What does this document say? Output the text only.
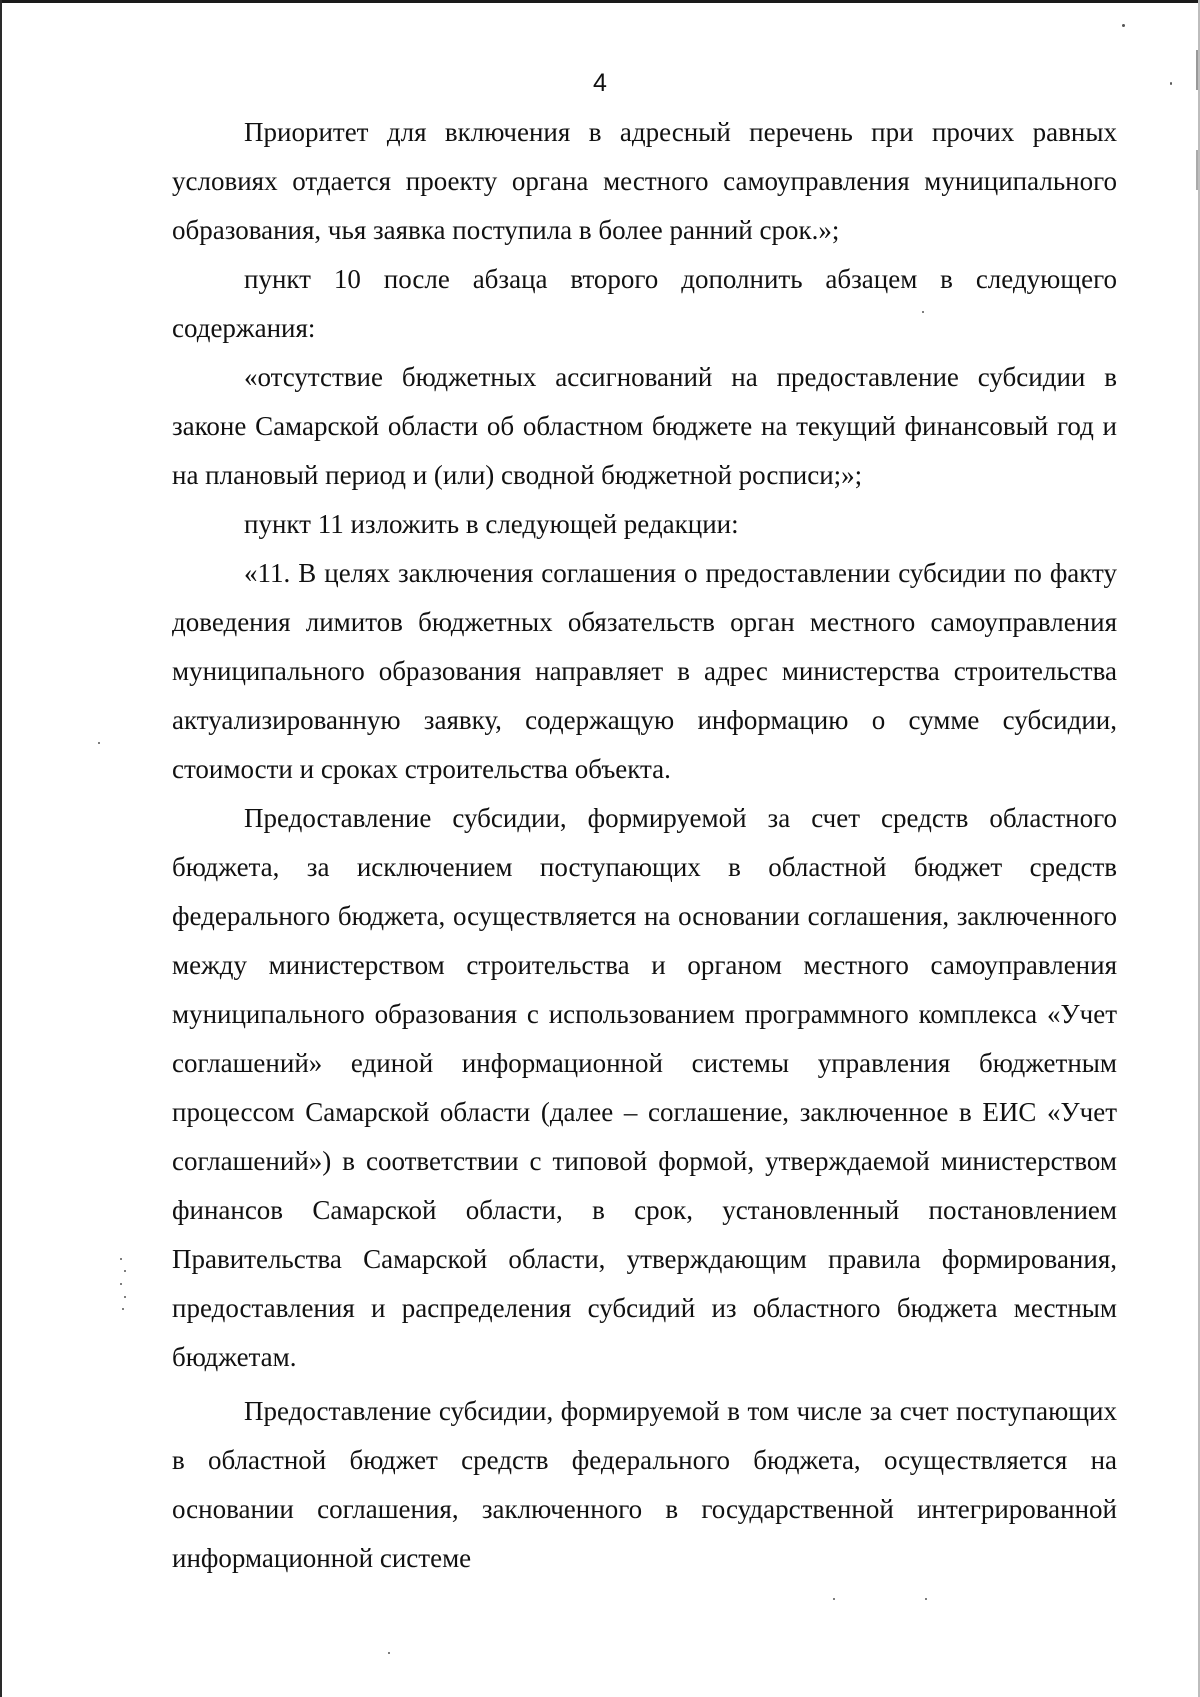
4

Приоритет для включения в адресный перечень при прочих равных условиях отдается проекту органа местного самоуправления муниципального образования, чья заявка поступила в более ранний срок.»;

пункт 10 после абзаца второго дополнить абзацем в следующего содержания:

«отсутствие бюджетных ассигнований на предоставление субсидии в законе Самарской области об областном бюджете на текущий финансовый год и на плановый период и (или) сводной бюджетной росписи;»;

пункт 11 изложить в следующей редакции:

«11. В целях заключения соглашения о предоставлении субсидии по факту доведения лимитов бюджетных обязательств орган местного самоуправления муниципального образования направляет в адрес министерства строительства актуализированную заявку, содержащую информацию о сумме субсидии, стоимости и сроках строительства объекта.

Предоставление субсидии, формируемой за счет средств областного бюджета, за исключением поступающих в областной бюджет средств федерального бюджета, осуществляется на основании соглашения, заключенного между министерством строительства и органом местного самоуправления муниципального образования с использованием программного комплекса «Учет соглашений» единой информационной системы управления бюджетным процессом Самарской области (далее – соглашение, заключенное в ЕИС «Учет соглашений») в соответствии с типовой формой, утверждаемой министерством финансов Самарской области, в срок, установленный постановлением Правительства Самарской области, утверждающим правила формирования, предоставления и распределения субсидий из областного бюджета местным бюджетам.

Предоставление субсидии, формируемой в том числе за счет поступающих в областной бюджет средств федерального бюджета, осуществляется на основании соглашения, заключенного в государственной интегрированной информационной системе
